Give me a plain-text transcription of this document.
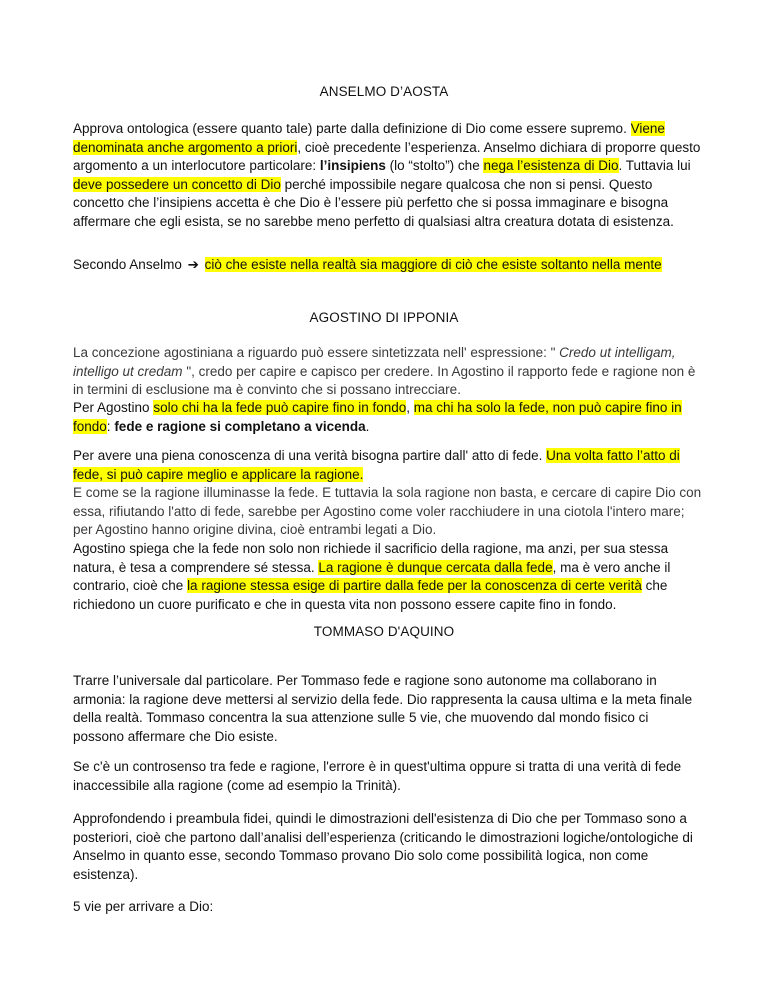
ANSELMO D’AOSTA
Approva ontologica (essere quanto tale) parte dalla definizione di Dio come essere supremo. Viene denominata anche argomento a priori, cioè precedente l’esperienza. Anselmo dichiara di proporre questo argomento a un interlocutore particolare: l’insipiens (lo “stolto”) che nega l’esistenza di Dio. Tuttavia lui deve possedere un concetto di Dio perché impossibile negare qualcosa che non si pensi. Questo concetto che l’insipiens accetta è che Dio è l’essere più perfetto che si possa immaginare e bisogna affermare che egli esista, se no sarebbe meno perfetto di qualsiasi altra creatura dotata di esistenza.
Secondo Anselmo ➔ ciò che esiste nella realtà sia maggiore di ciò che esiste soltanto nella mente
AGOSTINO DI IPPONIA
La concezione agostiniana a riguardo può essere sintetizzata nell' espressione: " Credo ut intelligam, intelligo ut credam ", credo per capire e capisco per credere. In Agostino il rapporto fede e ragione non è in termini di esclusione ma è convinto che si possano intrecciare.
Per Agostino solo chi ha la fede può capire fino in fondo, ma chi ha solo la fede, non può capire fino in fondo: fede e ragione si completano a vicenda.
Per avere una piena conoscenza di una verità bisogna partire dall' atto di fede. Una volta fatto l’atto di fede, si può capire meglio e applicare la ragione.
E come se la ragione illuminasse la fede. E tuttavia la sola ragione non basta, e cercare di capire Dio con essa, rifiutando l'atto di fede, sarebbe per Agostino come voler racchiudere in una ciotola l'intero mare; per Agostino hanno origine divina, cioè entrambi legati a Dio.
Agostino spiega che la fede non solo non richiede il sacrificio della ragione, ma anzi, per sua stessa natura, è tesa a comprendere sé stessa. La ragione è dunque cercata dalla fede, ma è vero anche il contrario, cioè che la ragione stessa esige di partire dalla fede per la conoscenza di certe verità che richiedono un cuore purificato e che in questa vita non possono essere capite fino in fondo.
TOMMASO D'AQUINO
Trarre l’universale dal particolare. Per Tommaso fede e ragione sono autonome ma collaborano in armonia: la ragione deve mettersi al servizio della fede. Dio rappresenta la causa ultima e la meta finale della realtà. Tommaso concentra la sua attenzione sulle 5 vie, che muovendo dal mondo fisico ci possono affermare che Dio esiste.
Se c'è un controsenso tra fede e ragione, l'errore è in quest'ultima oppure si tratta di una verità di fede inaccessibile alla ragione (come ad esempio la Trinità).
Approfondendo i preambula fidei, quindi le dimostrazioni dell'esistenza di Dio che per Tommaso sono a posteriori, cioè che partono dall’analisi dell’esperienza (criticando le dimostrazioni logiche/ontologiche di Anselmo in quanto esse, secondo Tommaso provano Dio solo come possibilità logica, non come esistenza).
5 vie per arrivare a Dio:
